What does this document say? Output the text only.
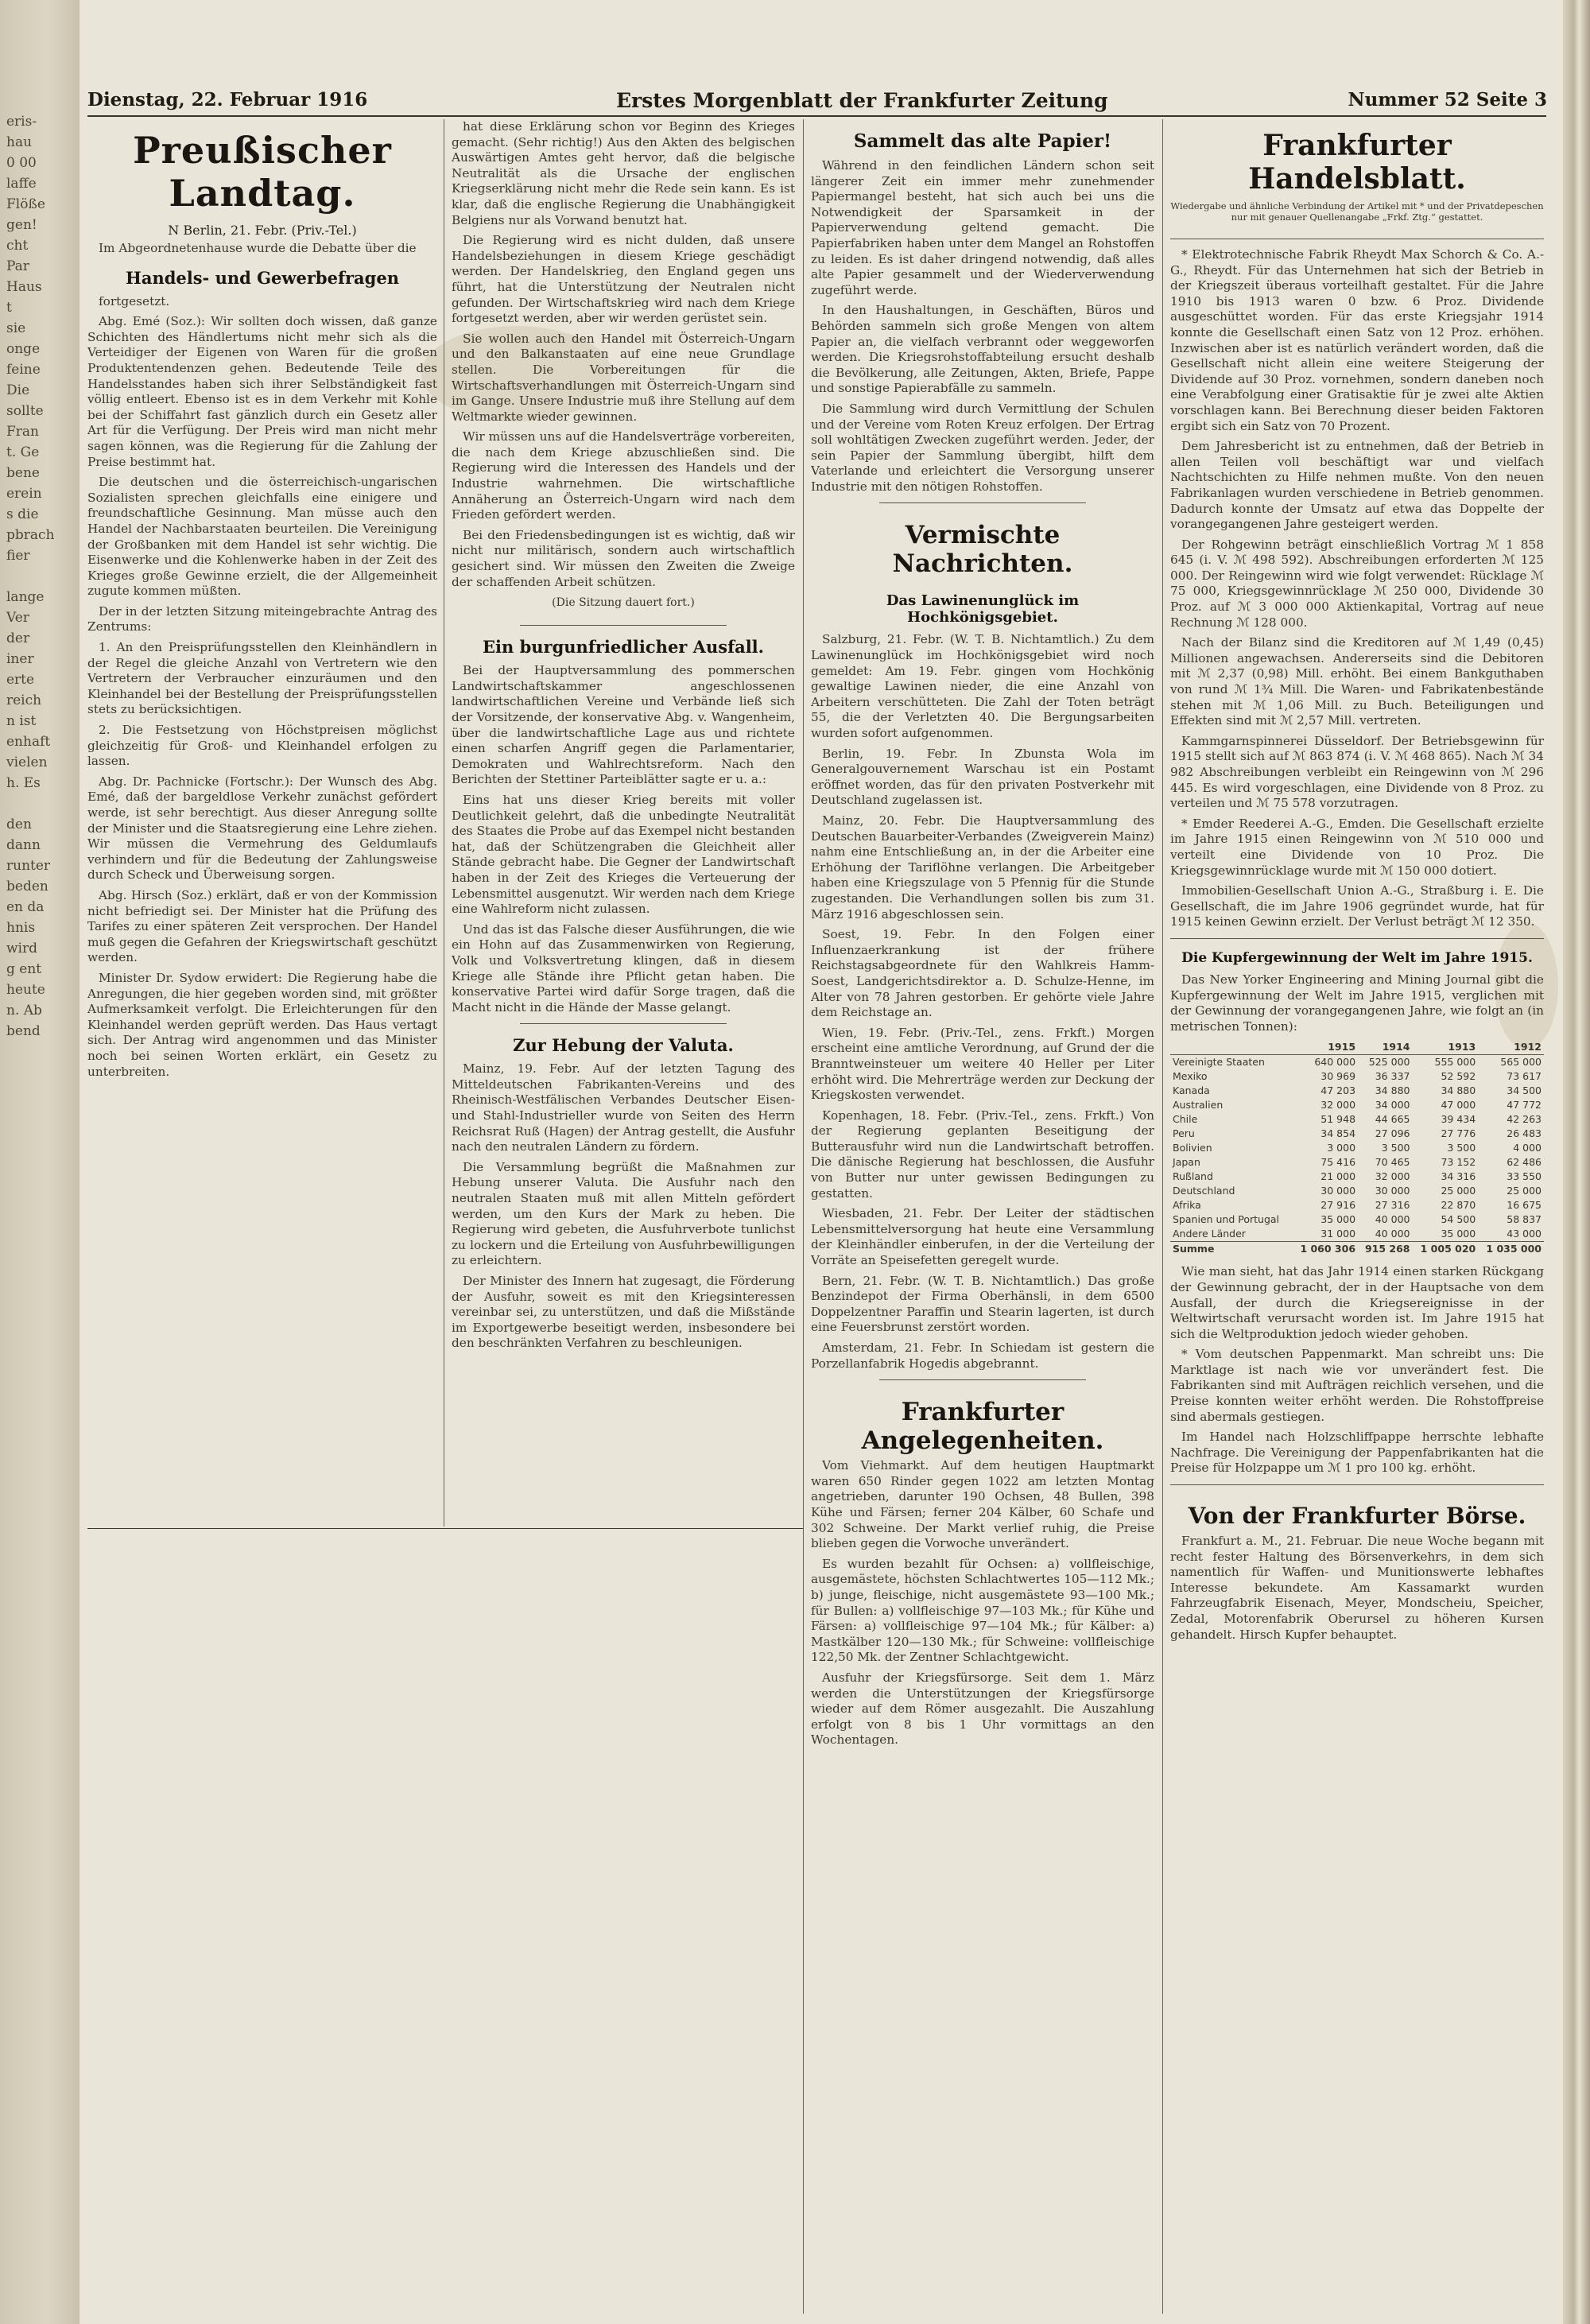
eris-
hau
0 00
laffe
Flöße
gen!
cht
Par
Haus
t
sie
onge
feine
Die
sollte
Fran
t. Ge
bene
erein
s die
pbrach
fier

lange
Ver
der
iner
erte
reich
n ist
enhaft
vielen
h. Es

den
dann
runter
beden
en da
hnis
wird
g ent
heute
n. Ab
bend
Dienstag, 22. Februar 1916	Erstes Morgenblatt der Frankfurter Zeitung	Nummer 52 Seite 3
Preußischer Landtag.
N Berlin, 21. Febr. (Priv.-Tel.)

Im Abgeordnetenhause wurde die Debatte über die

Handels- und Gewerbefragen

fortgesetzt.

Abg. Emé (Soz.): Wir sollten doch wissen, daß ganze Schichten des Händlertums nicht mehr sich als die Verteidiger der Eigenen von Waren für die großen Produktentendenzen gehen. Bedeutende Teile des Handelsstandes haben sich ihrer Selbständigkeit fast völlig entleert. Ebenso ist es in dem Verkehr mit Kohle bei der Schiffahrt fast gänzlich durch ein Gesetz aller Art für die Verfügung. Der Preis wird man nicht mehr sagen können, was die Regierung für die Zahlung der Preise bestimmt hat.

Die deutschen und die österreichisch-ungarischen Sozialisten sprechen gleichfalls eine einigere und freundschaftliche Gesinnung. Man müsse auch den Handel der Nachbarstaaten beurteilen. Die Vereinigung der Großbanken mit dem Handel ist sehr wichtig. Die Eisenwerke und die Kohlenwerke haben in der Zeit des Krieges große Gewinne erzielt, die der Allgemeinheit zugute kommen müßten.

Der in der letzten Sitzung miteingebrachte Antrag des Zentrums:

1. An den Preisprüfungsstellen den Kleinhändlern in der Regel die gleiche Anzahl von Vertretern wie den Vertretern der Verbraucher einzuräumen und den Kleinhandel bei der Bestellung der Preisprüfungsstellen stets zu berücksichtigen.

2. Die Festsetzung von Höchstpreisen möglichst gleichzeitig für Groß- und Kleinhandel erfolgen zu lassen.

Abg. Dr. Pachnicke (Fortschr.): Der Wunsch des Abg. Emé, daß der bargeldlose Verkehr zunächst gefördert werde, ist sehr berechtigt. Aus dieser Anregung sollte der Minister und die Staatsregierung eine Lehre ziehen. Wir müssen die Vermehrung des Geldumlaufs verhindern und für die Bedeutung der Zahlungsweise durch Scheck und Überweisung sorgen.

Abg. Hirsch (Soz.) erklärt, daß er von der Kommission nicht befriedigt sei. Der Minister hat die Prüfung des Tarifes zu einer späteren Zeit versprochen. Der Handel muß gegen die Gefahren der Kriegswirtschaft geschützt werden.

Minister Dr. Sydow erwidert: Die Regierung habe die Anregungen, die hier gegeben worden sind, mit größter Aufmerksamkeit verfolgt. Die Erleichterungen für den Kleinhandel werden geprüft werden. Das Haus vertagt sich. Der Antrag wird angenommen und das Minister noch bei seinen Worten erklärt, ein Gesetz zu unterbreiten.

hat diese Erklärung schon vor Beginn des Krieges gemacht. (Sehr richtig!) Aus den Akten des belgischen Auswärtigen Amtes geht hervor, daß die belgische Neutralität als die Ursache der englischen Kriegserklärung nicht mehr die Rede sein kann. Es ist klar, daß die englische Regierung die Unabhängigkeit Belgiens nur als Vorwand benutzt hat.

Die Regierung wird es nicht dulden, daß unsere Handelsbeziehungen in diesem Kriege geschädigt werden. Der Handelskrieg, den England gegen uns führt, hat die Unterstützung der Neutralen nicht gefunden. Der Wirtschaftskrieg wird nach dem Kriege fortgesetzt werden, aber wir werden gerüstet sein.

Sie wollen auch den Handel mit Österreich-Ungarn und den Balkanstaaten auf eine neue Grundlage stellen. Die Vorbereitungen für die Wirtschaftsverhandlungen mit Österreich-Ungarn sind im Gange. Unsere Industrie muß ihre Stellung auf dem Weltmarkte wieder gewinnen.

Wir müssen uns auf die Handelsverträge vorbereiten, die nach dem Kriege abzuschließen sind. Die Regierung wird die Interessen des Handels und der Industrie wahrnehmen. Die wirtschaftliche Annäherung an Österreich-Ungarn wird nach dem Frieden gefördert werden.

Bei den Friedensbedingungen ist es wichtig, daß wir nicht nur militärisch, sondern auch wirtschaftlich gesichert sind. Wir müssen den Zweiten die Zweige der schaffenden Arbeit schützen.

(Die Sitzung dauert fort.)
Ein burgunfriedlicher Ausfall.

Bei der Hauptversammlung des pommerschen Landwirtschaftskammer angeschlossenen landwirtschaftlichen Vereine und Verbände ließ sich der Vorsitzende, der konservative Abg. v. Wangenheim, über die landwirtschaftliche Lage aus und richtete einen scharfen Angriff gegen die Parlamentarier, Demokraten und Wahlrechtsreform. Nach den Berichten der Stettiner Parteiblätter sagte er u. a.:

Eins hat uns dieser Krieg bereits mit voller Deutlichkeit gelehrt, daß die unbedingte Neutralität des Staates die Probe auf das Exempel nicht bestanden hat, daß der Schützengraben die Gleichheit aller Stände gebracht habe. Die Gegner der Landwirtschaft haben in der Zeit des Krieges die Verteuerung der Lebensmittel ausgenutzt. Wir werden nach dem Kriege eine Wahlreform nicht zulassen.

Und das ist das Falsche dieser Ausführungen, die wie ein Hohn auf das Zusammenwirken von Regierung, Volk und Volksvertretung klingen, daß in diesem Kriege alle Stände ihre Pflicht getan haben. Die konservative Partei wird dafür Sorge tragen, daß die Macht nicht in die Hände der Masse gelangt.

Zur Hebung der Valuta.

Mainz, 19. Febr. Auf der letzten Tagung des Mitteldeutschen Fabrikanten-Vereins und des Rheinisch-Westfälischen Verbandes Deutscher Eisen- und Stahl-Industrieller wurde von Seiten des Herrn Reichsrat Ruß (Hagen) der Antrag gestellt, die Ausfuhr nach den neutralen Ländern zu fördern.

Die Versammlung begrüßt die Maßnahmen zur Hebung unserer Valuta. Die Ausfuhr nach den neutralen Staaten muß mit allen Mitteln gefördert werden, um den Kurs der Mark zu heben. Die Regierung wird gebeten, die Ausfuhrverbote tunlichst zu lockern und die Erteilung von Ausfuhrbewilligungen zu erleichtern.

Der Minister des Innern hat zugesagt, die Förderung der Ausfuhr, soweit es mit den Kriegsinteressen vereinbar sei, zu unterstützen, und daß die Mißstände im Exportgewerbe beseitigt werden, insbesondere bei den beschränkten Verfahren zu beschleunigen.

Sammelt das alte Papier!

Während in den feindlichen Ländern schon seit längerer Zeit ein immer mehr zunehmender Papiermangel besteht, hat sich auch bei uns die Notwendigkeit der Sparsamkeit in der Papierverwendung geltend gemacht. Die Papierfabriken haben unter dem Mangel an Rohstoffen zu leiden. Es ist daher dringend notwendig, daß alles alte Papier gesammelt und der Wiederverwendung zugeführt werde.

In den Haushaltungen, in Geschäften, Büros und Behörden sammeln sich große Mengen von altem Papier an, die vielfach verbrannt oder weggeworfen werden. Die Kriegsrohstoffabteilung ersucht deshalb die Bevölkerung, alle Zeitungen, Akten, Briefe, Pappe und sonstige Papierabfälle zu sammeln.

Die Sammlung wird durch Vermittlung der Schulen und der Vereine vom Roten Kreuz erfolgen. Der Ertrag soll wohltätigen Zwecken zugeführt werden. Jeder, der sein Papier der Sammlung übergibt, hilft dem Vaterlande und erleichtert die Versorgung unserer Industrie mit den nötigen Rohstoffen.

Vermischte Nachrichten.
Das Lawinenunglück im Hochkönigsgebiet.

Salzburg, 21. Febr. (W. T. B. Nichtamtlich.) Zu dem Lawinenunglück im Hochkönigsgebiet wird noch gemeldet: Am 19. Febr. gingen vom Hochkönig gewaltige Lawinen nieder, die eine Anzahl von Arbeitern verschütteten. Die Zahl der Toten beträgt 55, die der Verletzten 40. Die Bergungsarbeiten wurden sofort aufgenommen.

Berlin, 19. Febr. In Zbunsta Wola im Generalgouvernement Warschau ist ein Postamt eröffnet worden, das für den privaten Postverkehr mit Deutschland zugelassen ist.

Mainz, 20. Febr. Die Hauptversammlung des Deutschen Bauarbeiter-Verbandes (Zweigverein Mainz) nahm eine Entschließung an, in der die Arbeiter eine Erhöhung der Tariflöhne verlangen. Die Arbeitgeber haben eine Kriegszulage von 5 Pfennig für die Stunde zugestanden. Die Verhandlungen sollen bis zum 31. März 1916 abgeschlossen sein.

Soest, 19. Febr. In den Folgen einer Influenzaerkrankung ist der frühere Reichstagsabgeordnete für den Wahlkreis Hamm-Soest, Landgerichtsdirektor a. D. Schulze-Henne, im Alter von 78 Jahren gestorben. Er gehörte viele Jahre dem Reichstage an.

Wien, 19. Febr. (Priv.-Tel., zens. Frkft.) Morgen erscheint eine amtliche Verordnung, auf Grund der die Branntweinsteuer um weitere 40 Heller per Liter erhöht wird. Die Mehrerträge werden zur Deckung der Kriegskosten verwendet.

Kopenhagen, 18. Febr. (Priv.-Tel., zens. Frkft.) Von der Regierung geplanten Beseitigung der Butterausfuhr wird nun die Landwirtschaft betroffen. Die dänische Regierung hat beschlossen, die Ausfuhr von Butter nur unter gewissen Bedingungen zu gestatten.

Wiesbaden, 21. Febr. Der Leiter der städtischen Lebensmittelversorgung hat heute eine Versammlung der Kleinhändler einberufen, in der die Verteilung der Vorräte an Speisefetten geregelt wurde.

Bern, 21. Febr. (W. T. B. Nichtamtlich.) Das große Benzindepot der Firma Oberhänsli, in dem 6500 Doppelzentner Paraffin und Stearin lagerten, ist durch eine Feuersbrunst zerstört worden.

Amsterdam, 21. Febr. In Schiedam ist gestern die Porzellanfabrik Hogedis abgebrannt.

Frankfurter Angelegenheiten.

Vom Viehmarkt. Auf dem heutigen Hauptmarkt waren 650 Rinder gegen 1022 am letzten Montag angetrieben, darunter 190 Ochsen, 48 Bullen, 398 Kühe und Färsen; ferner 204 Kälber, 60 Schafe und 302 Schweine. Der Markt verlief ruhig, die Preise blieben gegen die Vorwoche unverändert.

Es wurden bezahlt für Ochsen: a) vollfleischige, ausgemästete, höchsten Schlachtwertes 105—112 Mk.; b) junge, fleischige, nicht ausgemästete 93—100 Mk.; für Bullen: a) vollfleischige 97—103 Mk.; für Kühe und Färsen: a) vollfleischige 97—104 Mk.; für Kälber: a) Mastkälber 120—130 Mk.; für Schweine: vollfleischige 122,50 Mk. der Zentner Schlachtgewicht.

Ausfuhr der Kriegsfürsorge. Seit dem 1. März werden die Unterstützungen der Kriegsfürsorge wieder auf dem Römer ausgezahlt. Die Auszahlung erfolgt von 8 bis 1 Uhr vormittags an den Wochentagen.

Frankfurter Handelsblatt.
Wiedergabe und ähnliche Verbindung der Artikel mit * und der Privatdepeschen nur mit genauer Quellenangabe „Frkf. Ztg.“ gestattet.

* Elektrotechnische Fabrik Rheydt Max Schorch & Co. A.-G., Rheydt. Für das Unternehmen hat sich der Betrieb in der Kriegszeit überaus vorteilhaft gestaltet. Für die Jahre 1910 bis 1913 waren 0 bzw. 6 Proz. Dividende ausgeschüttet worden. Für das erste Kriegsjahr 1914 konnte die Gesellschaft einen Satz von 12 Proz. erhöhen. Inzwischen aber ist es natürlich verändert worden, daß die Gesellschaft nicht allein eine weitere Steigerung der Dividende auf 30 Proz. vornehmen, sondern daneben noch eine Verabfolgung einer Gratisaktie für je zwei alte Aktien vorschlagen kann. Bei Berechnung dieser beiden Faktoren ergibt sich ein Satz von 70 Prozent.

Dem Jahresbericht ist zu entnehmen, daß der Betrieb in allen Teilen voll beschäftigt war und vielfach Nachtschichten zu Hilfe nehmen mußte. Von den neuen Fabrikanlagen wurden verschiedene in Betrieb genommen. Dadurch konnte der Umsatz auf etwa das Doppelte der vorangegangenen Jahre gesteigert werden.

Der Rohgewinn beträgt einschließlich Vortrag ℳ 1 858 645 (i. V. ℳ 498 592). Abschreibungen erforderten ℳ 125 000. Der Reingewinn wird wie folgt verwendet: Rücklage ℳ 75 000, Kriegsgewinnrücklage ℳ 250 000, Dividende 30 Proz. auf ℳ 3 000 000 Aktienkapital, Vortrag auf neue Rechnung ℳ 128 000.

Nach der Bilanz sind die Kreditoren auf ℳ 1,49 (0,45) Millionen angewachsen. Andererseits sind die Debitoren mit ℳ 2,37 (0,98) Mill. erhöht. Bei einem Bankguthaben von rund ℳ 1¾ Mill. Die Waren- und Fabrikatenbestände stehen mit ℳ 1,06 Mill. zu Buch. Beteiligungen und Effekten sind mit ℳ 2,57 Mill. vertreten.

Kammgarnspinnerei Düsseldorf. Der Betriebsgewinn für 1915 stellt sich auf ℳ 863 874 (i. V. ℳ 468 865). Nach ℳ 34 982 Abschreibungen verbleibt ein Reingewinn von ℳ 296 445. Es wird vorgeschlagen, eine Dividende von 8 Proz. zu verteilen und ℳ 75 578 vorzutragen.

* Emder Reederei A.-G., Emden. Die Gesellschaft erzielte im Jahre 1915 einen Reingewinn von ℳ 510 000 und verteilt eine Dividende von 10 Proz. Die Kriegsgewinnrücklage wurde mit ℳ 150 000 dotiert.

Immobilien-Gesellschaft Union A.-G., Straßburg i. E. Die Gesellschaft, die im Jahre 1906 gegründet wurde, hat für 1915 keinen Gewinn erzielt. Der Verlust beträgt ℳ 12 350.

Die Kupfergewinnung der Welt im Jahre 1915.

Das New Yorker Engineering and Mining Journal gibt die Kupfergewinnung der Welt im Jahre 1915, verglichen mit der Gewinnung der vorangegangenen Jahre, wie folgt an (in metrischen Tonnen):

	1915	1914	1913	1912
Vereinigte Staaten	640 000	525 000	555 000	565 000
Mexiko	30 969	36 337	52 592	73 617
Kanada	47 203	34 880	34 880	34 500
Australien	32 000	34 000	47 000	47 772
Chile	51 948	44 665	39 434	42 263
Peru	34 854	27 096	27 776	26 483
Bolivien	3 000	3 500	3 500	4 000
Japan	75 416	70 465	73 152	62 486
Rußland	21 000	32 000	34 316	33 550
Deutschland	30 000	30 000	25 000	25 000
Afrika	27 916	27 316	22 870	16 675
Spanien und Portugal	35 000	40 000	54 500	58 837
Andere Länder	31 000	40 000	35 000	43 000
Summe	1 060 306	915 268	1 005 020	1 035 000

Wie man sieht, hat das Jahr 1914 einen starken Rückgang der Gewinnung gebracht, der in der Hauptsache von dem Ausfall, der durch die Kriegsereignisse in der Weltwirtschaft verursacht worden ist. Im Jahre 1915 hat sich die Weltproduktion jedoch wieder gehoben.

* Vom deutschen Pappenmarkt. Man schreibt uns: Die Marktlage ist nach wie vor unverändert fest. Die Fabrikanten sind mit Aufträgen reichlich versehen, und die Preise konnten weiter erhöht werden. Die Rohstoffpreise sind abermals gestiegen.

Im Handel nach Holzschliffpappe herrschte lebhafte Nachfrage. Die Vereinigung der Pappenfabrikanten hat die Preise für Holzpappe um ℳ 1 pro 100 kg. erhöht.

Von der Frankfurter Börse.

Frankfurt a. M., 21. Februar. Die neue Woche begann mit recht fester Haltung des Börsenverkehrs, in dem sich namentlich für Waffen- und Munitionswerte lebhaftes Interesse bekundete. Am Kassamarkt wurden Fahrzeugfabrik Eisenach, Meyer, Mondscheiu, Speicher, Zedal, Motorenfabrik Oberursel zu höheren Kursen gehandelt. Hirsch Kupfer behauptet.
